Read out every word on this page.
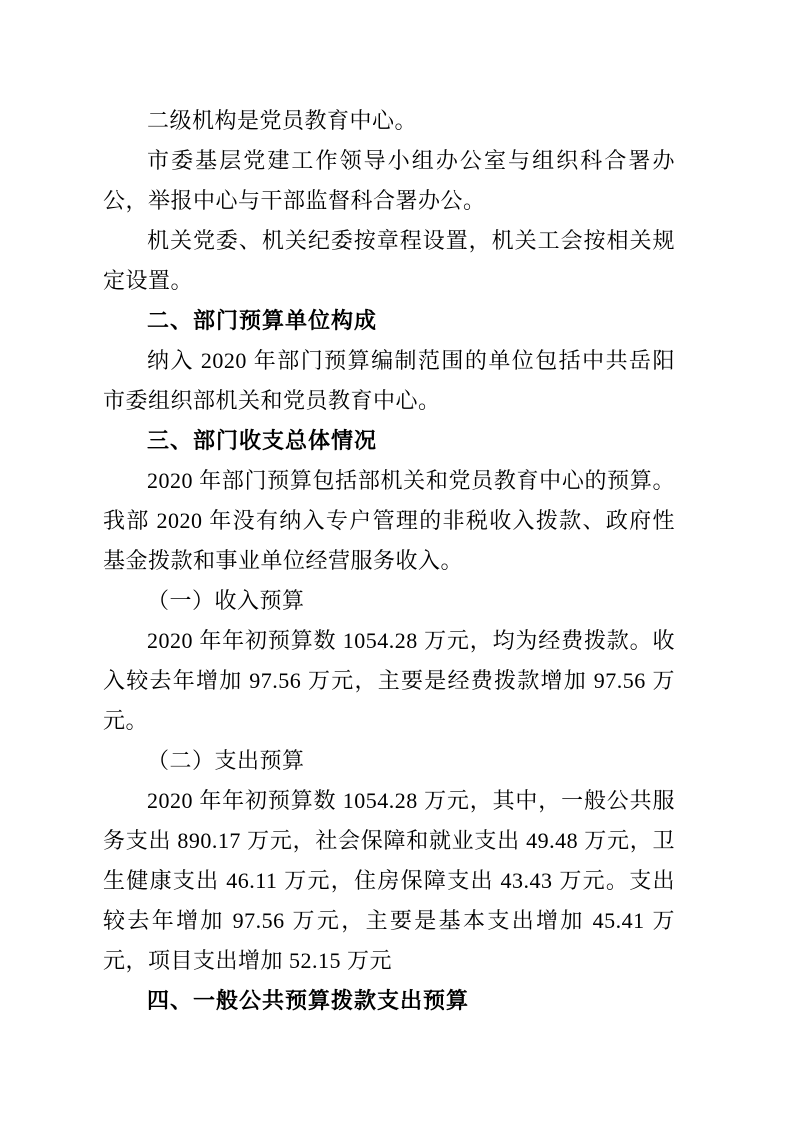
二级机构是党员教育中心。

市委基层党建工作领导小组办公室与组织科合署办公，举报中心与干部监督科合署办公。

机关党委、机关纪委按章程设置，机关工会按相关规定设置。

二、部门预算单位构成

纳入 2020 年部门预算编制范围的单位包括中共岳阳市委组织部机关和党员教育中心。

三、部门收支总体情况

2020 年部门预算包括部机关和党员教育中心的预算。我部 2020 年没有纳入专户管理的非税收入拨款、政府性基金拨款和事业单位经营服务收入。

（一）收入预算

2020 年年初预算数 1054.28 万元，均为经费拨款。收入较去年增加 97.56 万元，主要是经费拨款增加 97.56 万元。

（二）支出预算

2020 年年初预算数 1054.28 万元，其中，一般公共服务支出 890.17 万元，社会保障和就业支出 49.48 万元，卫生健康支出 46.11 万元，住房保障支出 43.43 万元。支出较去年增加 97.56 万元，主要是基本支出增加 45.41 万元，项目支出增加 52.15 万元

四、一般公共预算拨款支出预算
